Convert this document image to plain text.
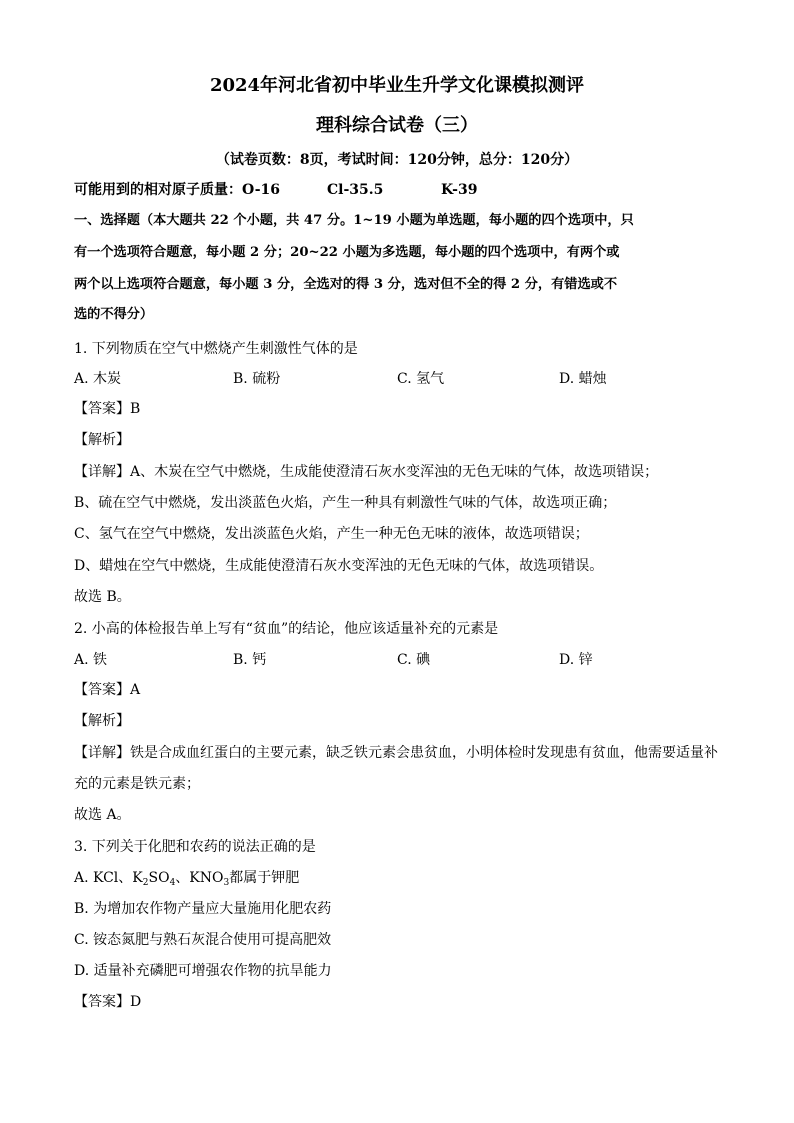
2024年河北省初中毕业生升学文化课模拟测评
理科综合试卷（三）
（试卷页数：8页，考试时间：120分钟，总分：120分）
可能用到的相对原子质量：O-16	Cl-35.5	K-39
一、选择题（本大题共 22 个小题，共 47 分。1~19 小题为单选题，每小题的四个选项中，只
有一个选项符合题意，每小题 2 分；20~22 小题为多选题，每小题的四个选项中，有两个或
两个以上选项符合题意，每小题 3 分，全选对的得 3 分，选对但不全的得 2 分，有错选或不
选的不得分）
1. 下列物质在空气中燃烧产生刺激性气体的是
A. 木炭	B. 硫粉	C. 氢气	D. 蜡烛
【答案】B
【解析】
【详解】A、木炭在空气中燃烧，生成能使澄清石灰水变浑浊的无色无味的气体，故选项错误；
B、硫在空气中燃烧，发出淡蓝色火焰，产生一种具有刺激性气味的气体，故选项正确；
C、氢气在空气中燃烧，发出淡蓝色火焰，产生一种无色无味的液体，故选项错误；
D、蜡烛在空气中燃烧，生成能使澄清石灰水变浑浊的无色无味的气体，故选项错误。
故选 B。
2. 小高的体检报告单上写有“贫血”的结论，他应该适量补充的元素是
A. 铁	B. 钙	C. 碘	D. 锌
【答案】A
【解析】
【详解】铁是合成血红蛋白的主要元素，缺乏铁元素会患贫血，小明体检时发现患有贫血，他需要适量补
充的元素是铁元素；
故选 A。
3. 下列关于化肥和农药的说法正确的是
A. KCl、$K_2SO_4$、$KNO_3$都属于钾肥
B. 为增加农作物产量应大量施用化肥农药
C. 铵态氮肥与熟石灰混合使用可提高肥效
D. 适量补充磷肥可增强农作物的抗旱能力
【答案】D
